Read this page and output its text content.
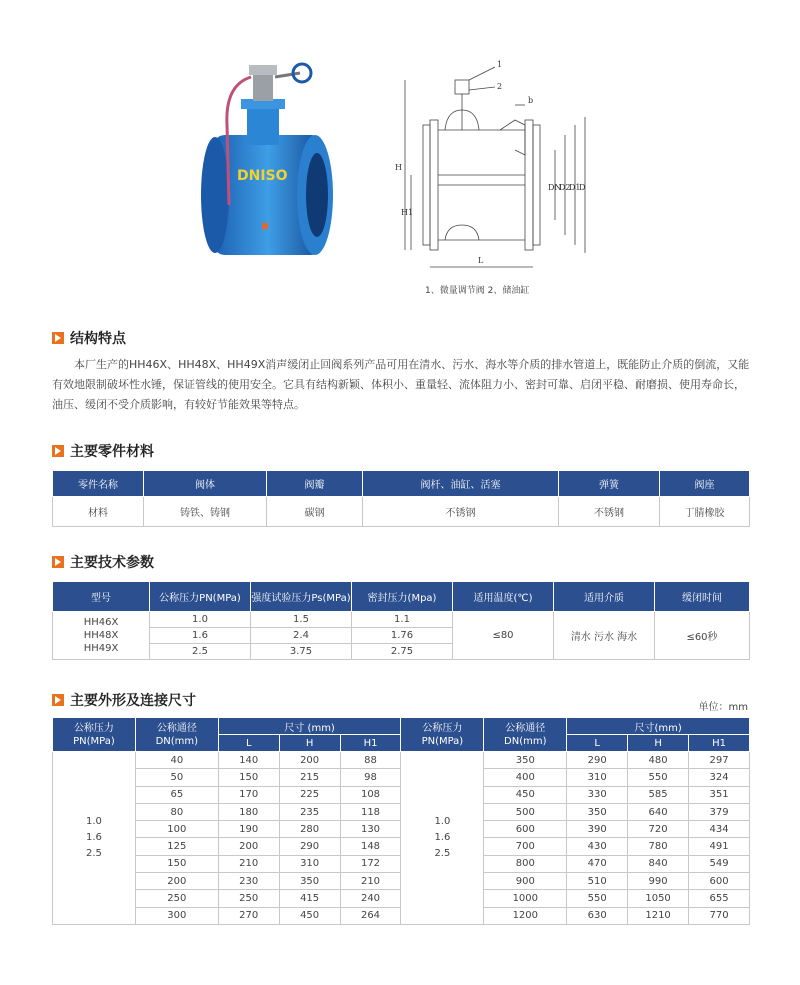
DNISO
1
2
b
H
H1
DN
D2
D1
D
L
1、微量调节阀 2、储油缸
结构特点
本厂生产的HH46X、HH48X、HH49X消声缓闭止回阀系列产品可用在清水、污水、海水等介质的排水管道上，既能防止介质的倒流，又能有效地限制破坏性水锤，保证管线的使用安全。它具有结构新颖、体积小、重量轻、流体阻力小、密封可靠、启闭平稳、耐磨损、使用寿命长，油压、缓闭不受介质影响，有较好节能效果等特点。
主要零件材料
零件名称	阀体	阀瓣	阀杆、油缸、活塞	弹簧	阀座
材料	铸铁、铸钢	碳钢	不锈钢	不锈钢	丁腈橡胶
主要技术参数
型号	公称压力PN(MPa)	强度试验压力Ps(MPa)	密封压力(Mpa)	适用温度(℃)	适用介质	缓闭时间
HH46X
HH48X
HH49X	1.0	1.5	1.1	≤80	清水 污水 海水	≤60秒
	1.6	2.4	1.76			
	2.5	3.75	2.75			
主要外形及连接尺寸	单位：mm
公称压力
PN(MPa)	公称通径
DN(mm)	尺寸 (mm)			公称压力
PN(MPa)	公称通径
DN(mm)	尺寸(mm)		
		L	H	H1			L	H	H1
1.0
1.6
2.5	40	140	200	88	1.0
1.6
2.5	350	290	480	297
	50	150	215	98		400	310	550	324
	65	170	225	108		450	330	585	351
	80	180	235	118		500	350	640	379
	100	190	280	130		600	390	720	434
	125	200	290	148		700	430	780	491
	150	210	310	172		800	470	840	549
	200	230	350	210		900	510	990	600
	250	250	415	240		1000	550	1050	655
	300	270	450	264		1200	630	1210	770
